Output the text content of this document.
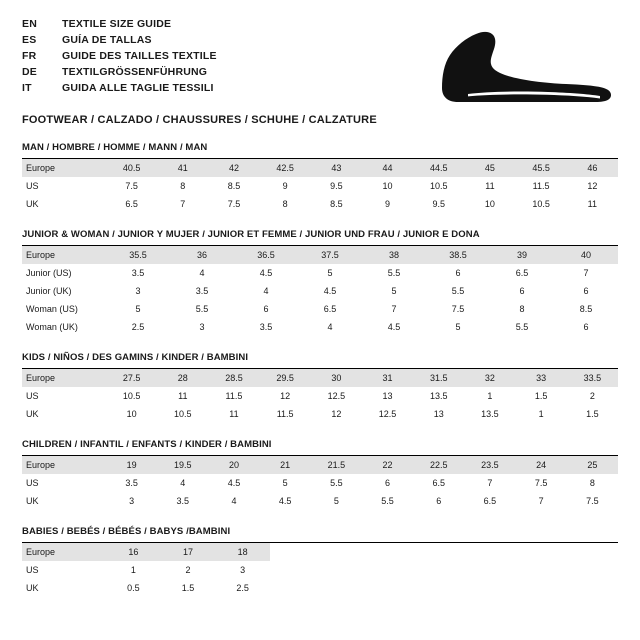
EN	TEXTILE SIZE GUIDE
ES	GUÍA DE TALLAS
FR	GUIDE DES TAILLES TEXTILE
DE	TEXTILGRÖSSENFÜHRUNG
IT	GUIDA ALLE TAGLIE TESSILI
FOOTWEAR / CALZADO / CHAUSSURES / SCHUHE / CALZATURE
MAN / HOMBRE / HOMME / MANN / MAN
Europe	40.5	41	42	42.5	43	44	44.5	45	45.5	46
US	7.5	8	8.5	9	9.5	10	10.5	11	11.5	12
UK	6.5	7	7.5	8	8.5	9	9.5	10	10.5	11
JUNIOR & WOMAN / JUNIOR Y MUJER / JUNIOR ET FEMME / JUNIOR UND FRAU / JUNIOR E DONA
Europe	35.5	36	36.5	37.5	38	38.5	39	40
Junior (US)	3.5	4	4.5	5	5.5	6	6.5	7
Junior (UK)	3	3.5	4	4.5	5	5.5	6	6
Woman (US)	5	5.5	6	6.5	7	7.5	8	8.5
Woman (UK)	2.5	3	3.5	4	4.5	5	5.5	6
KIDS / NIÑOS / DES GAMINS / KINDER / BAMBINI
Europe	27.5	28	28.5	29.5	30	31	31.5	32	33	33.5
US	10.5	11	11.5	12	12.5	13	13.5	1	1.5	2
UK	10	10.5	11	11.5	12	12.5	13	13.5	1	1.5
CHILDREN / INFANTIL / ENFANTS / KINDER / BAMBINI
Europe	19	19.5	20	21	21.5	22	22.5	23.5	24	25
US	3.5	4	4.5	5	5.5	6	6.5	7	7.5	8
UK	3	3.5	4	4.5	5	5.5	6	6.5	7	7.5
BABIES / BEBÉS / BÉBÉS / BABYS /BAMBINI
Europe	16	17	18
US	1	2	3
UK	0.5	1.5	2.5
